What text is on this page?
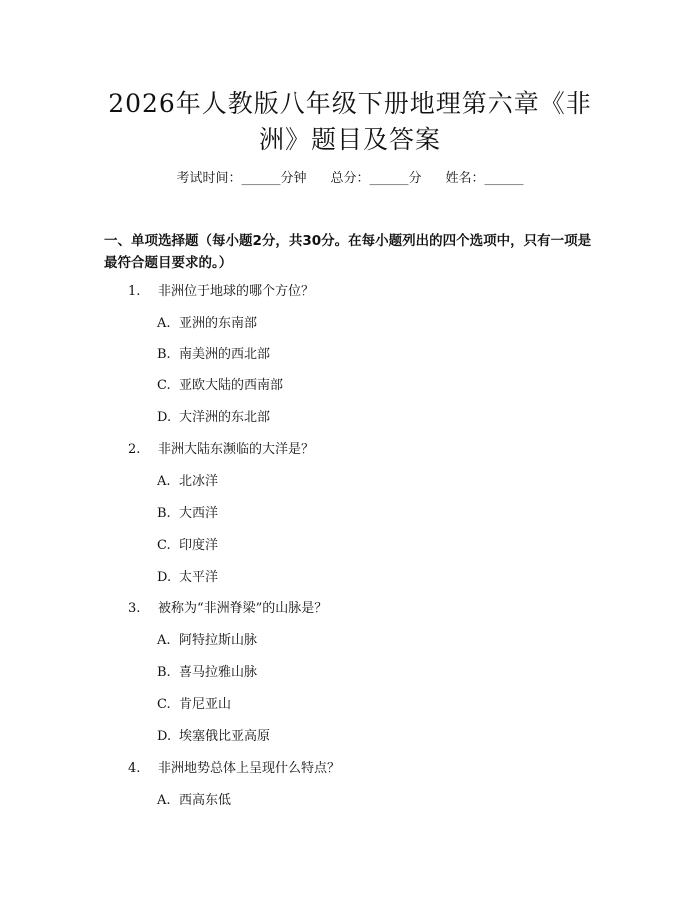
2026年人教版八年级下册地理第六章《非
洲》题目及答案
考试时间：______分钟 总分：______分 姓名：______
一、单项选择题（每小题2分，共30分。在每小题列出的四个选项中，只有一项是最符合题目要求的。）
1. 非洲位于地球的哪个方位？
A. 亚洲的东南部
B. 南美洲的西北部
C. 亚欧大陆的西南部
D. 大洋洲的东北部
2. 非洲大陆东濒临的大洋是？
A. 北冰洋
B. 大西洋
C. 印度洋
D. 太平洋
3. 被称为“非洲脊梁”的山脉是？
A. 阿特拉斯山脉
B. 喜马拉雅山脉
C. 肯尼亚山
D. 埃塞俄比亚高原
4. 非洲地势总体上呈现什么特点？
A. 西高东低
